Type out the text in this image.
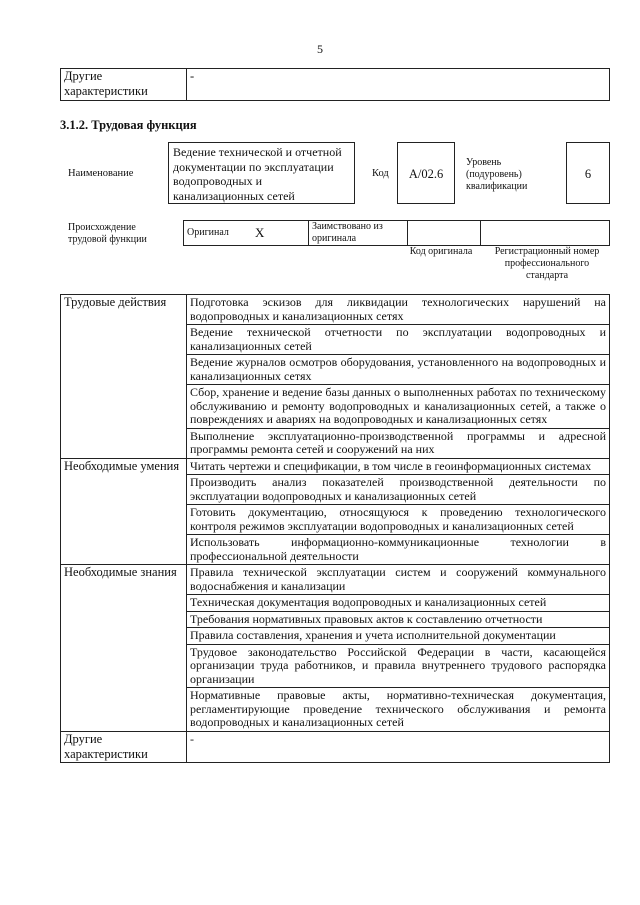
5
Другие характеристики	-
3.1.2. Трудовая функция
Наименование
Ведение технической и отчетной документации по эксплуатации водопроводных и канализационных сетей
Код	А/02.6
Уровень (подуровень) квалификации
6
Происхождение трудовой функции
Оригинал	X	Заимствовано из оригинала		
Код оригинала	Регистрационный номер профессионального стандарта
Трудовые действия	Подготовка эскизов для ликвидации технологических нарушений на водопроводных и канализационных сетях
	Ведение технической отчетности по эксплуатации водопроводных и канализационных сетей
	Ведение журналов осмотров оборудования, установленного на водопроводных и канализационных сетях
	Сбор, хранение и ведение базы данных о выполненных работах по техническому обслуживанию и ремонту водопроводных и канализационных сетей, а также о повреждениях и авариях на водопроводных и канализационных сетях
	Выполнение эксплуатационно-производственной программы и адресной программы ремонта сетей и сооружений на них
Необходимые умения	Читать чертежи и спецификации, в том числе в геоинформационных системах
	Производить анализ показателей производственной деятельности по эксплуатации водопроводных и канализационных сетей
	Готовить документацию, относящуюся к проведению технологического контроля режимов эксплуатации водопроводных и канализационных сетей
	Использовать информационно-коммуникационные технологии в профессиональной деятельности
Необходимые знания	Правила технической эксплуатации систем и сооружений коммунального водоснабжения и канализации
	Техническая документация водопроводных и канализационных сетей
	Требования нормативных правовых актов к составлению отчетности
	Правила составления, хранения и учета исполнительной документации
	Трудовое законодательство Российской Федерации в части, касающейся организации труда работников, и правила внутреннего трудового распорядка организации
	Нормативные правовые акты, нормативно-техническая документация, регламентирующие проведение технического обслуживания и ремонта водопроводных и канализационных сетей
Другие характеристики	-
